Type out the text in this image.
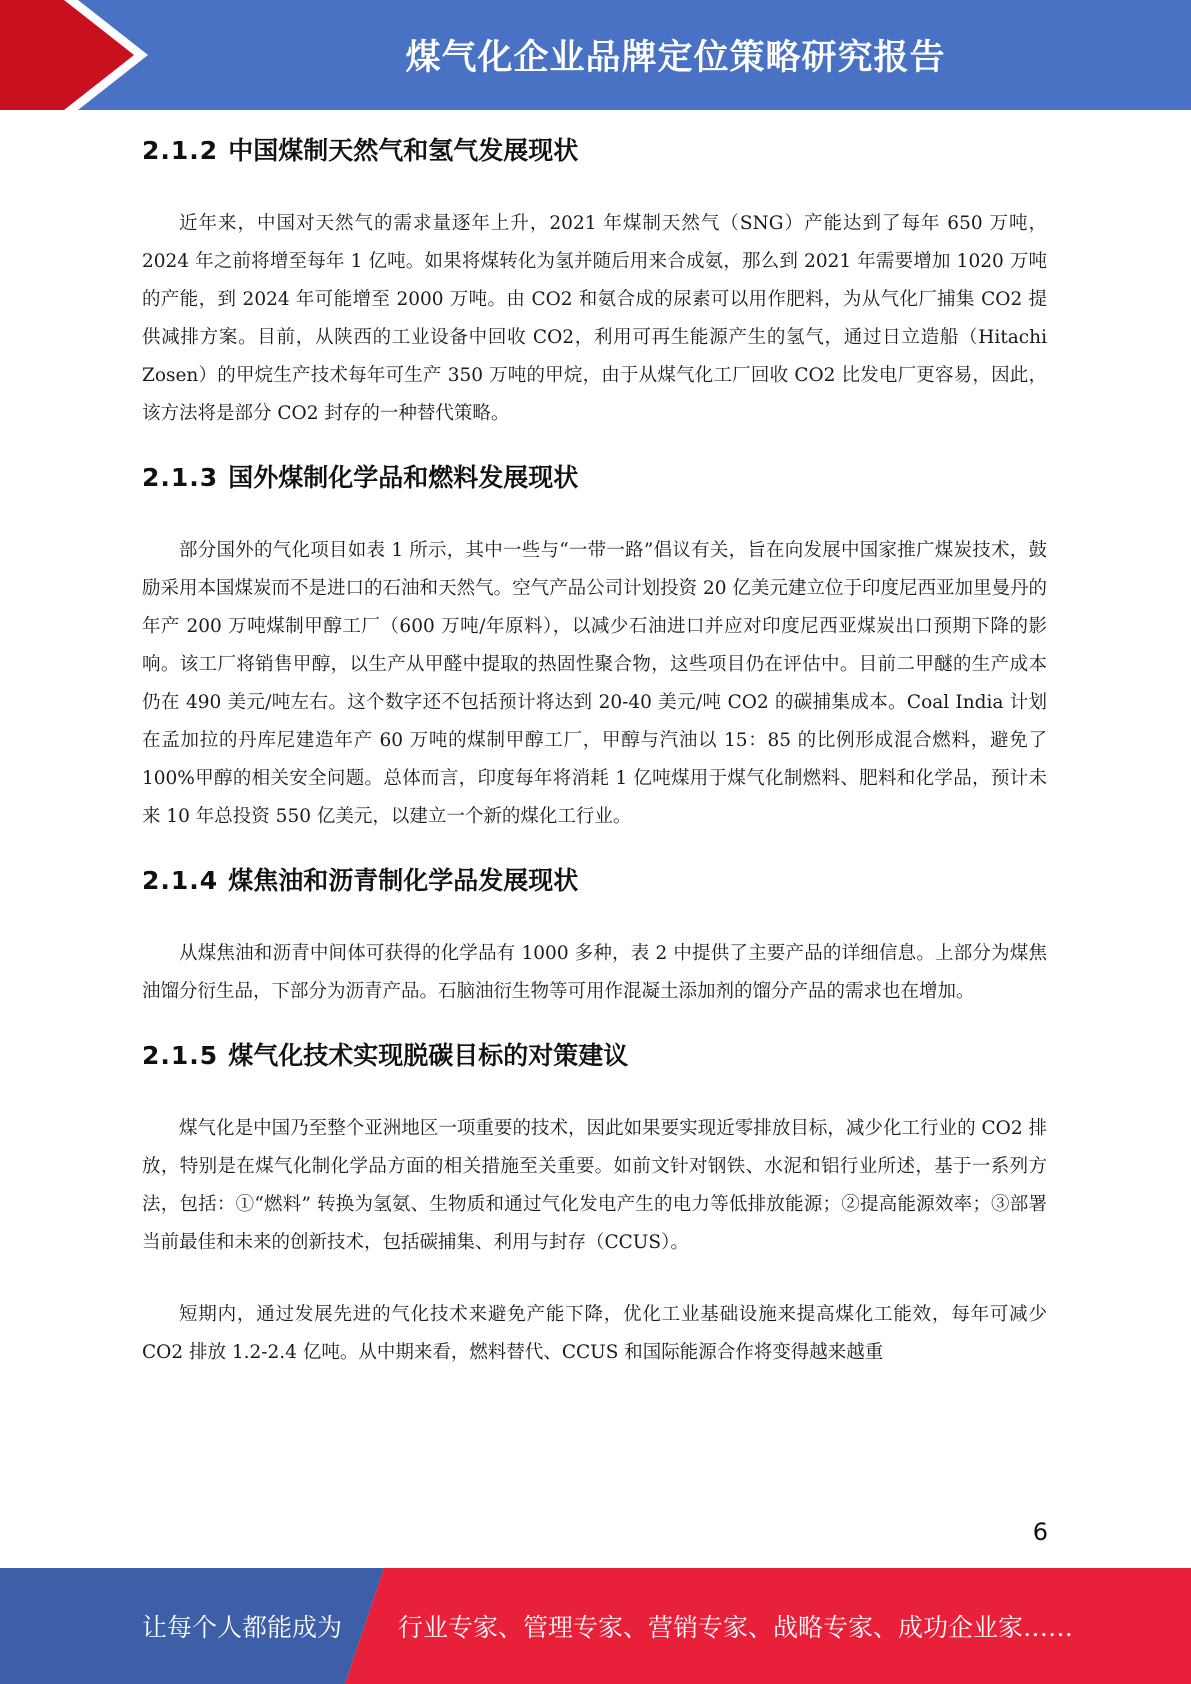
煤气化企业品牌定位策略研究报告
2.1.2 中国煤制天然气和氢气发展现状

近年来，中国对天然气的需求量逐年上升，2021 年煤制天然气（SNG）产能达到了每年 650 万吨，2024 年之前将增至每年 1 亿吨。如果将煤转化为氢并随后用来合成氨，那么到 2021 年需要增加 1020 万吨的产能，到 2024 年可能增至 2000 万吨。由 CO2 和氨合成的尿素可以用作肥料，为从气化厂捕集 CO2 提供减排方案。目前，从陕西的工业设备中回收 CO2，利用可再生能源产生的氢气，通过日立造船（Hitachi Zosen）的甲烷生产技术每年可生产 350 万吨的甲烷，由于从煤气化工厂回收 CO2 比发电厂更容易，因此，该方法将是部分 CO2 封存的一种替代策略。

2.1.3 国外煤制化学品和燃料发展现状

部分国外的气化项目如表 1 所示，其中一些与“一带一路”倡议有关，旨在向发展中国家推广煤炭技术，鼓励采用本国煤炭而不是进口的石油和天然气。空气产品公司计划投资 20 亿美元建立位于印度尼西亚加里曼丹的年产 200 万吨煤制甲醇工厂（600 万吨/年原料），以减少石油进口并应对印度尼西亚煤炭出口预期下降的影响。该工厂将销售甲醇，以生产从甲醛中提取的热固性聚合物，这些项目仍在评估中。目前二甲醚的生产成本仍在 490 美元/吨左右。这个数字还不包括预计将达到 20-40 美元/吨 CO2 的碳捕集成本。Coal India 计划在孟加拉的丹库尼建造年产 60 万吨的煤制甲醇工厂，甲醇与汽油以 15：85 的比例形成混合燃料，避免了 100%甲醇的相关安全问题。总体而言，印度每年将消耗 1 亿吨煤用于煤气化制燃料、肥料和化学品，预计未来 10 年总投资 550 亿美元，以建立一个新的煤化工行业。

2.1.4 煤焦油和沥青制化学品发展现状

从煤焦油和沥青中间体可获得的化学品有 1000 多种，表 2 中提供了主要产品的详细信息。上部分为煤焦油馏分衍生品，下部分为沥青产品。石脑油衍生物等可用作混凝土添加剂的馏分产品的需求也在增加。

2.1.5 煤气化技术实现脱碳目标的对策建议

煤气化是中国乃至整个亚洲地区一项重要的技术，因此如果要实现近零排放目标，减少化工行业的 CO2 排放，特别是在煤气化制化学品方面的相关措施至关重要。如前文针对钢铁、水泥和铝行业所述，基于一系列方法，包括：①“燃料” 转换为氢氨、生物质和通过气化发电产生的电力等低排放能源；②提高能源效率；③部署当前最佳和未来的创新技术，包括碳捕集、利用与封存（CCUS）。

短期内，通过发展先进的气化技术来避免产能下降，优化工业基础设施来提高煤化工能效，每年可减少 CO2 排放 1.2-2.4 亿吨。从中期来看，燃料替代、CCUS 和国际能源合作将变得越来越重

6
让每个人都能成为 行业专家、管理专家、营销专家、战略专家、成功企业家……
